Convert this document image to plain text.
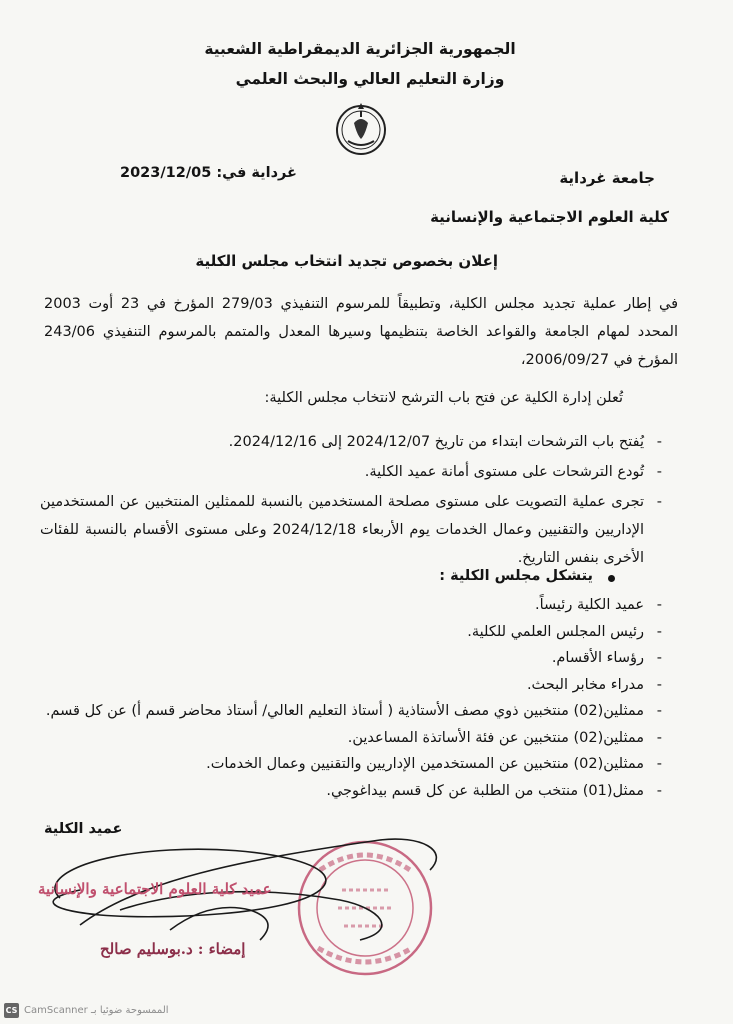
الجمهورية الجزائرية الديمقراطية الشعبية
وزارة التعليم العالي والبحث العلمي
جامعة غرداية
غرداية في: 2023/12/05
كلية العلوم الاجتماعية والإنسانية
إعلان بخصوص تجديد انتخاب مجلس الكلية
في إطار عملية تجديد مجلس الكلية، وتطبيقاً للمرسوم التنفيذي 279/03 المؤرخ في 23 أوت 2003 المحدد لمهام الجامعة والقواعد الخاصة بتنظيمها وسيرها المعدل والمتمم بالمرسوم التنفيذي 243/06 المؤرخ في 2006/09/27،
تُعلن إدارة الكلية عن فتح باب الترشح لانتخاب مجلس الكلية:
- يُفتح باب الترشحات ابتداء من تاريخ 2024/12/07 إلى 2024/12/16.
- تُودع الترشحات على مستوى أمانة عميد الكلية.
- تجرى عملية التصويت على مستوى مصلحة المستخدمين بالنسبة للممثلين المنتخبين عن المستخدمين الإداريين والتقنيين وعمال الخدمات يوم الأربعاء 2024/12/18 وعلى مستوى الأقسام بالنسبة للفئات الأخرى بنفس التاريخ.
يتشكل مجلس الكلية :
- عميد الكلية رئيساً.
- رئيس المجلس العلمي للكلية.
- رؤساء الأقسام.
- مدراء مخابر البحث.
- ممثلين(02) منتخبين ذوي مصف الأستاذية ( أستاذ التعليم العالي/ أستاذ محاضر قسم أ) عن كل قسم.
- ممثلين(02) منتخبين عن فئة الأساتذة المساعدين.
- ممثلين(02) منتخبين عن المستخدمين الإداريين والتقنيين وعمال الخدمات.
- ممثل(01) منتخب من الطلبة عن كل قسم بيداغوجي.
عميد الكلية
عميد كلية العلوم الاجتماعية والإنسانية
إمضاء : د.بوسليم صالح
CS الممسوحة ضوئيا بـ CamScanner
